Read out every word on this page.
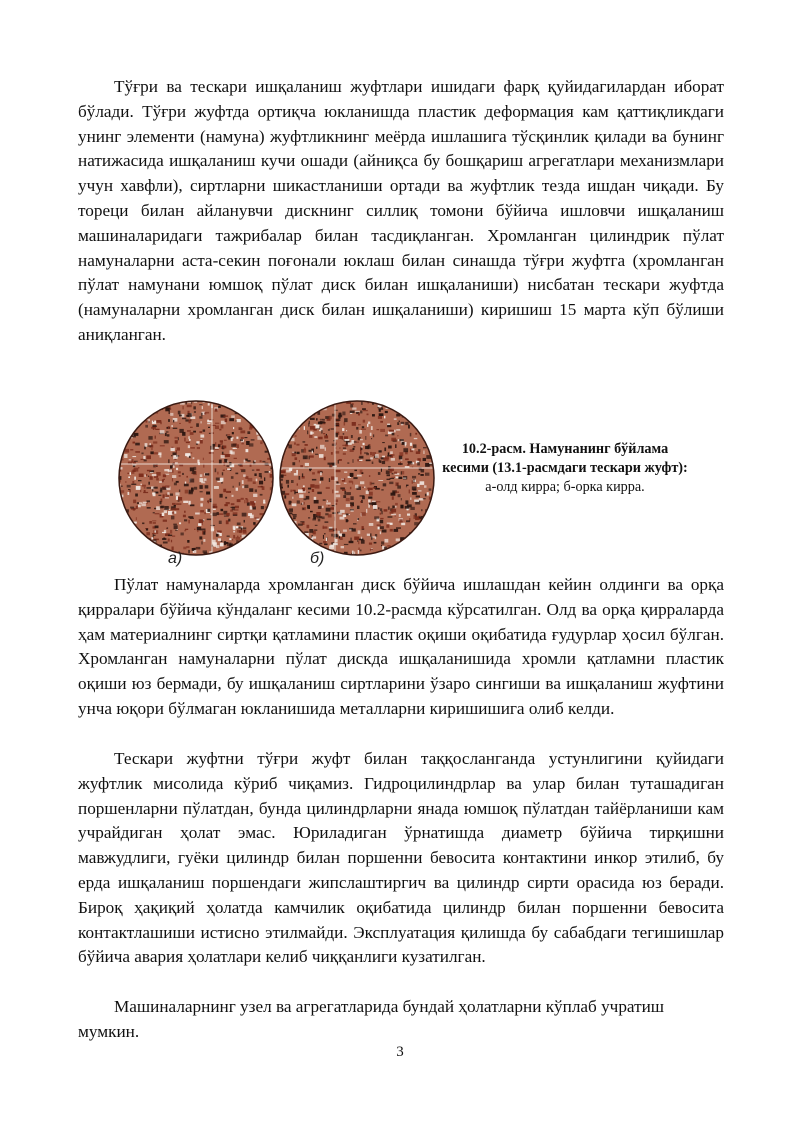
Тўғри ва тескари ишқаланиш жуфтлари ишидаги фарқ қуйидагилардан иборат бўлади. Тўғри жуфтда ортиқча юкланишда пластик деформация кам қаттиқликдаги унинг элементи (намуна) жуфтликнинг меёрда ишлашига тўсқинлик қилади ва бунинг натижасида ишқаланиш кучи ошади (айниқса бу бошқариш агрегатлари механизмлари учун хавфли), сиртларни шикастланиши ортади ва жуфтлик тезда ишдан чиқади. Бу тореци билан айланувчи дискнинг силлиқ томони бўйича ишловчи ишқаланиш машиналаридаги тажрибалар билан тасдиқланган. Хромланган цилиндрик пўлат намуналарни аста-секин поғонали юклаш билан синашда тўғри жуфтга (хромланган пўлат намунани юмшоқ пўлат диск билан ишқаланиши) нисбатан тескари жуфтда (намуналарни хромланган диск билан ишқаланиши) киришиш 15 марта кўп бўлиши аниқланган.

а)	б)
10.2-расм. Намунанинг бўйлама кесими (13.1-расмдаги тескари жуфт):
а-олд кирра; б-орка кирра.

Пўлат намуналарда хромланган диск бўйича ишлашдан кейин олдинги ва орқа қирралари бўйича кўндаланг кесими 10.2-расмда кўрсатилган. Олд ва орқа қирраларда ҳам материалнинг сиртқи қатламини пластик оқиши оқибатида ғудурлар ҳосил бўлган. Хромланган намуналарни пўлат дискда ишқаланишида хромли қатламни пластик оқиши юз бермади, бу ишқаланиш сиртларини ўзаро сингиши ва ишқаланиш жуфтини унча юқори бўлмаган юкланишида металларни киришишига олиб келди.

Тескари жуфтни тўғри жуфт билан таққосланганда устунлигини қуйидаги жуфтлик мисолида кўриб чиқамиз. Гидроцилиндрлар ва улар билан туташадиган поршенларни пўлатдан, бунда цилиндрларни янада юмшоқ пўлатдан тайёрланиши кам учрайдиган ҳолат эмас. Юриладиган ўрнатишда диаметр бўйича тирқишни мавжудлиги, гуёки цилиндр билан поршенни бевосита контактини инкор этилиб, бу ерда ишқаланиш поршендаги жипслаштиргич ва цилиндр сирти орасида юз беради. Бироқ ҳақиқий ҳолатда камчилик оқибатида цилиндр билан поршенни бевосита контактлашиши истисно этилмайди. Эксплуатация қилишда бу сабабдаги тегишишлар бўйича авария ҳолатлари келиб чиққанлиги кузатилган.

Машиналарнинг узел ва агрегатларида бундай ҳолатларни кўплаб учратиш мумкин.

3
